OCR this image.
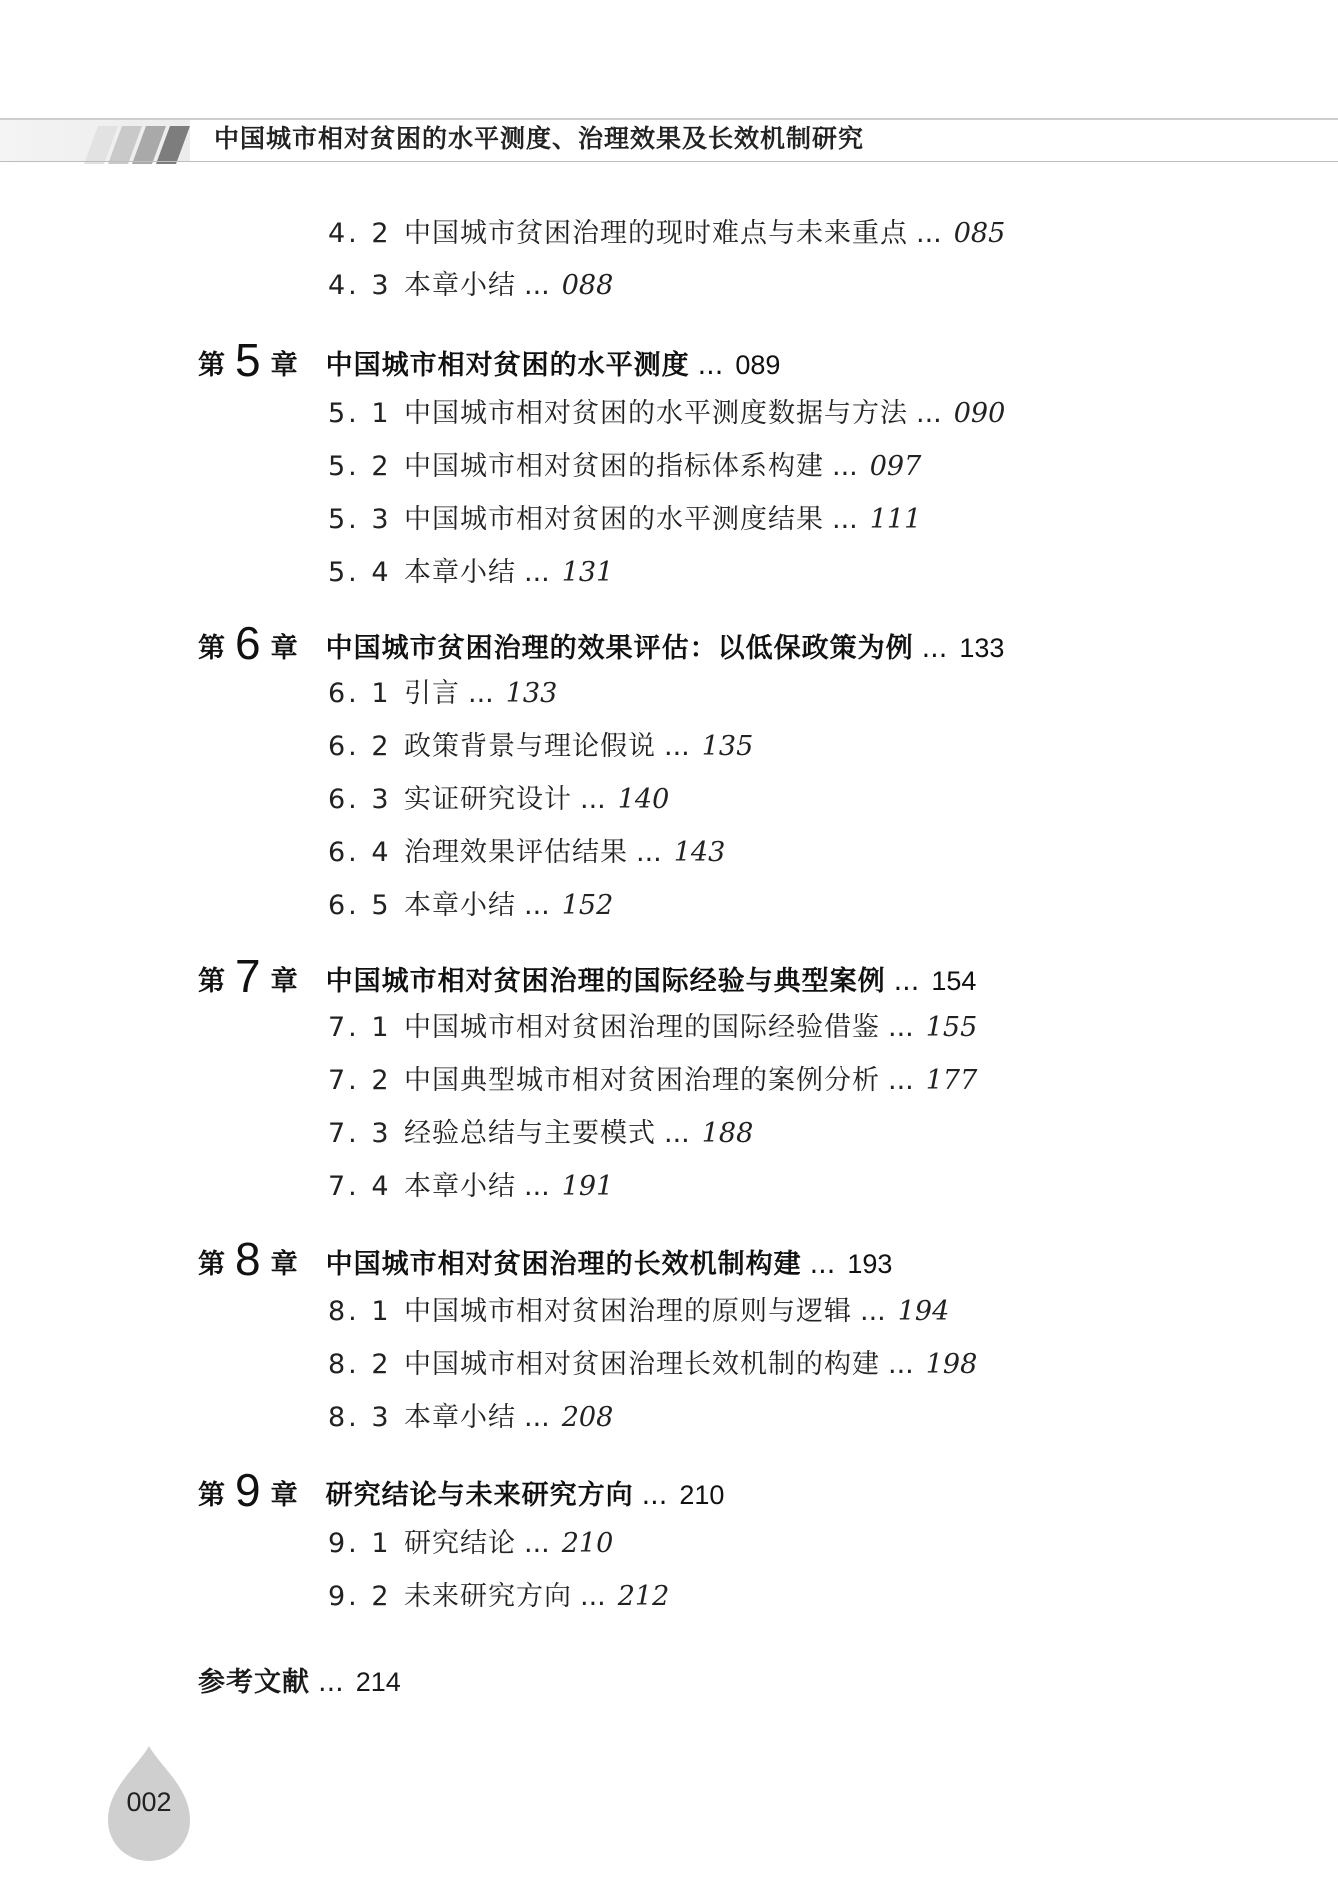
中国城市相对贫困的水平测度、治理效果及长效机制研究
4. 2 中国城市贫困治理的现时难点与未来重点 ... 085
4. 3 本章小结 ... 088
第 5 章 中国城市相对贫困的水平测度 ... 089
5. 1 中国城市相对贫困的水平测度数据与方法 ... 090
5. 2 中国城市相对贫困的指标体系构建 ... 097
5. 3 中国城市相对贫困的水平测度结果 ... 111
5. 4 本章小结 ... 131
第 6 章 中国城市贫困治理的效果评估：以低保政策为例 ... 133
6. 1 引言 ... 133
6. 2 政策背景与理论假说 ... 135
6. 3 实证研究设计 ... 140
6. 4 治理效果评估结果 ... 143
6. 5 本章小结 ... 152
第 7 章 中国城市相对贫困治理的国际经验与典型案例 ... 154
7. 1 中国城市相对贫困治理的国际经验借鉴 ... 155
7. 2 中国典型城市相对贫困治理的案例分析 ... 177
7. 3 经验总结与主要模式 ... 188
7. 4 本章小结 ... 191
第 8 章 中国城市相对贫困治理的长效机制构建 ... 193
8. 1 中国城市相对贫困治理的原则与逻辑 ... 194
8. 2 中国城市相对贫困治理长效机制的构建 ... 198
8. 3 本章小结 ... 208
第 9 章 研究结论与未来研究方向 ... 210
9. 1 研究结论 ... 210
9. 2 未来研究方向 ... 212
参考文献 ... 214
002
